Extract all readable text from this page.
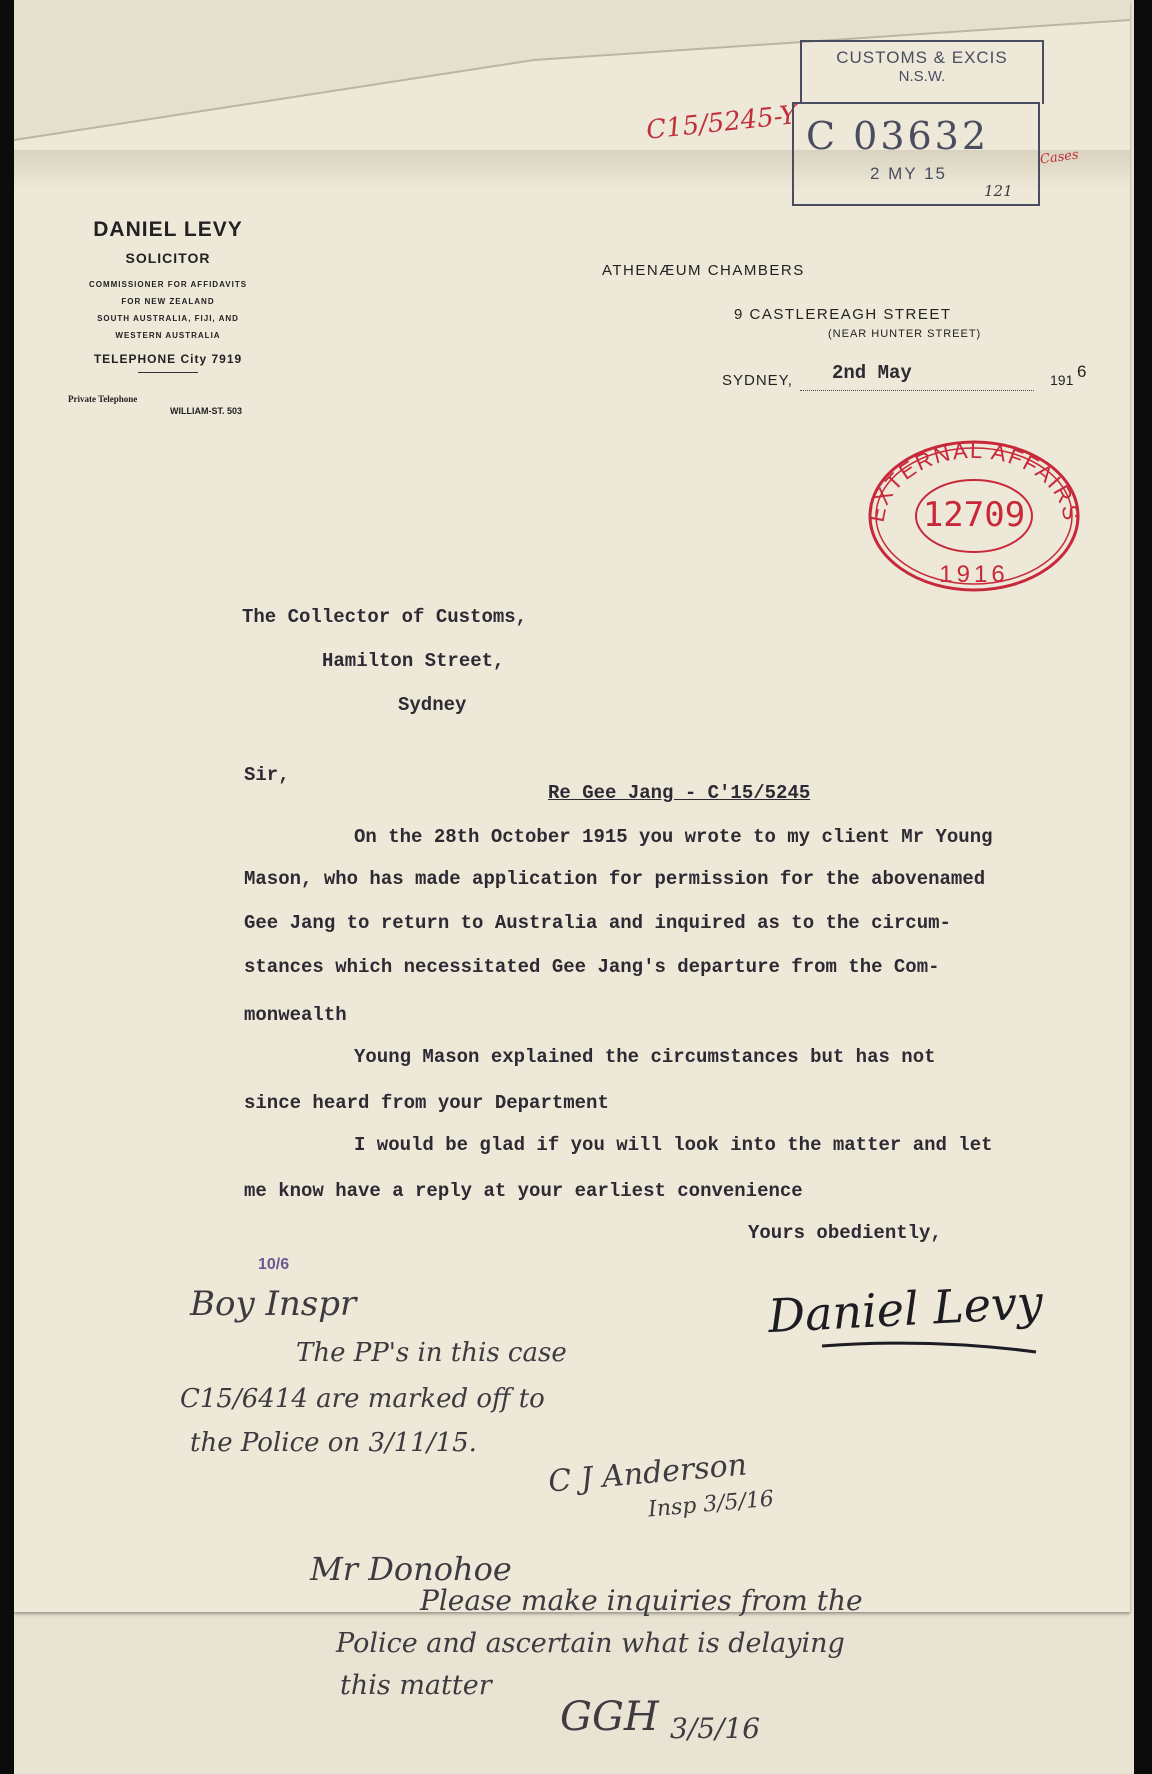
C15/5245-Y
CUSTOMS & EXCIS
N.S.W.
C 03632
2 MY 15
121
Cases
DANIEL LEVY
SOLICITOR
COMMISSIONER FOR AFFIDAVITS
FOR NEW ZEALAND
SOUTH AUSTRALIA, FIJI, AND
WESTERN AUSTRALIA
TELEPHONE City 7919
Private Telephone
WILLIAM-ST. 503
ATHENÆUM CHAMBERS
9 CASTLEREAGH STREET
(NEAR HUNTER STREET)
SYDNEY, 2nd May	191 6
EXTERNAL AFFAIRS
12709
1916
The Collector of Customs,
Hamilton Street,
Sydney
Sir,
Re Gee Jang - C'15/5245
On the 28th October 1915 you wrote to my client Mr Young
Mason, who has made application for permission for the abovenamed
Gee Jang to return to Australia and inquired as to the circum-
stances which necessitated Gee Jang's departure from the Com-
monwealth
Young Mason explained the circumstances but has not
since heard from your Department
I would be glad if you will look into the matter and let
me know have a reply at your earliest convenience
Yours obediently,
10/6
Daniel Levy
Boy Inspr
The PP's in this case
C15/6414 are marked off to
the Police on 3/11/15.
C J Anderson
Insp 3/5/16
Mr Donohoe
Please make inquiries from the
Police and ascertain what is delaying
this matter
GGH 3/5/16
